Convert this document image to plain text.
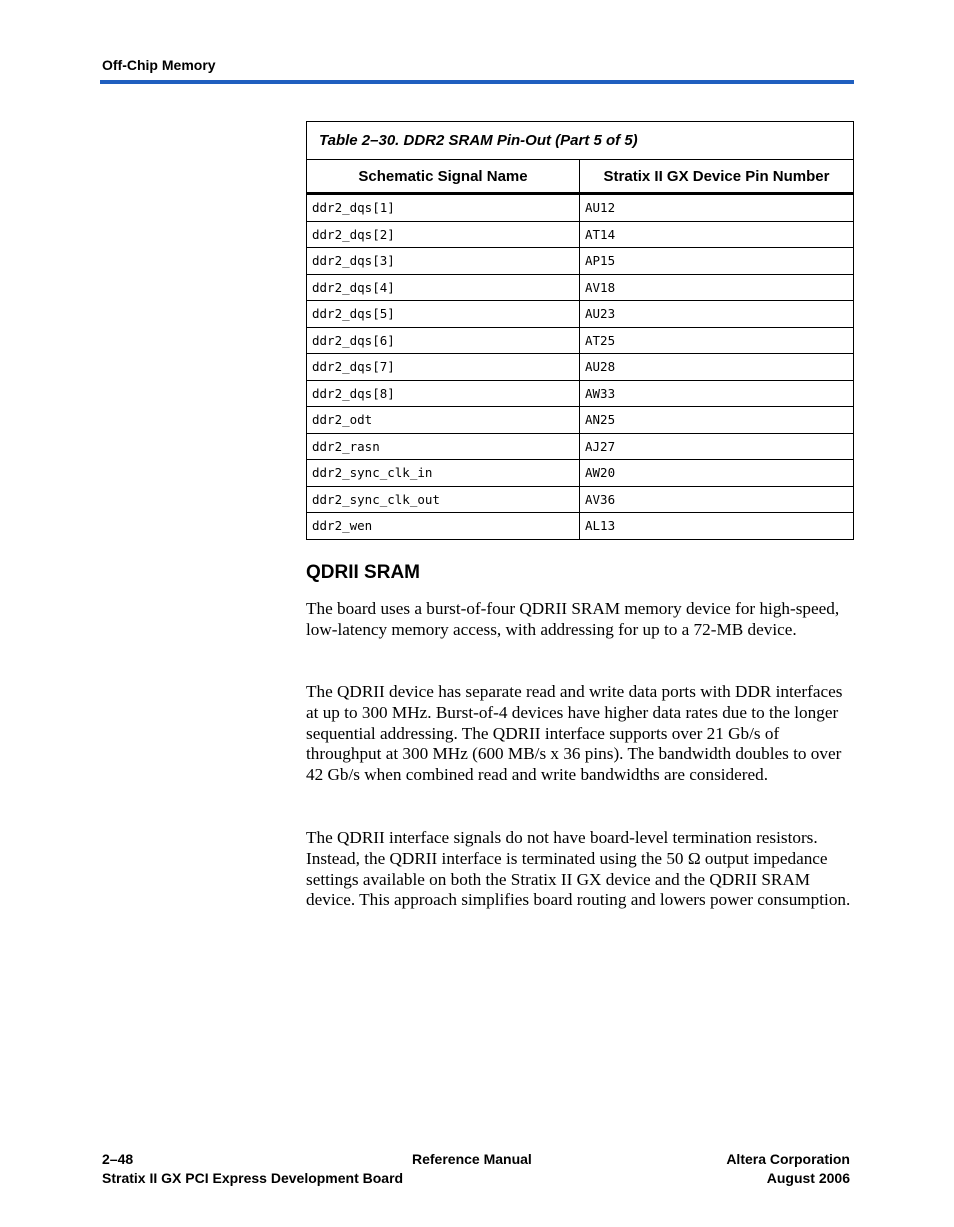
Off-Chip Memory
Table 2–30. DDR2 SRAM Pin-Out (Part 5 of 5)	
Schematic Signal Name	Stratix II GX Device Pin Number
ddr2_dqs[1]	AU12
ddr2_dqs[2]	AT14
ddr2_dqs[3]	AP15
ddr2_dqs[4]	AV18
ddr2_dqs[5]	AU23
ddr2_dqs[6]	AT25
ddr2_dqs[7]	AU28
ddr2_dqs[8]	AW33
ddr2_odt	AN25
ddr2_rasn	AJ27
ddr2_sync_clk_in	AW20
ddr2_sync_clk_out	AV36
ddr2_wen	AL13
QDRII SRAM

The board uses a burst-of-four QDRII SRAM memory device for high-speed, low-latency memory access, with addressing for up to a 72-MB device.

The QDRII device has separate read and write data ports with DDR interfaces at up to 300 MHz. Burst-of-4 devices have higher data rates due to the longer sequential addressing. The QDRII interface supports over 21 Gb/s of throughput at 300 MHz (600 MB/s x 36 pins). The bandwidth doubles to over 42 Gb/s when combined read and write bandwidths are considered.

The QDRII interface signals do not have board-level termination resistors. Instead, the QDRII interface is terminated using the 50 Ω output impedance settings available on both the Stratix II GX device and the QDRII SRAM device. This approach simplifies board routing and lowers power consumption.

2–48	Reference Manual	Altera Corporation
Stratix II GX PCI Express Development Board	August 2006
